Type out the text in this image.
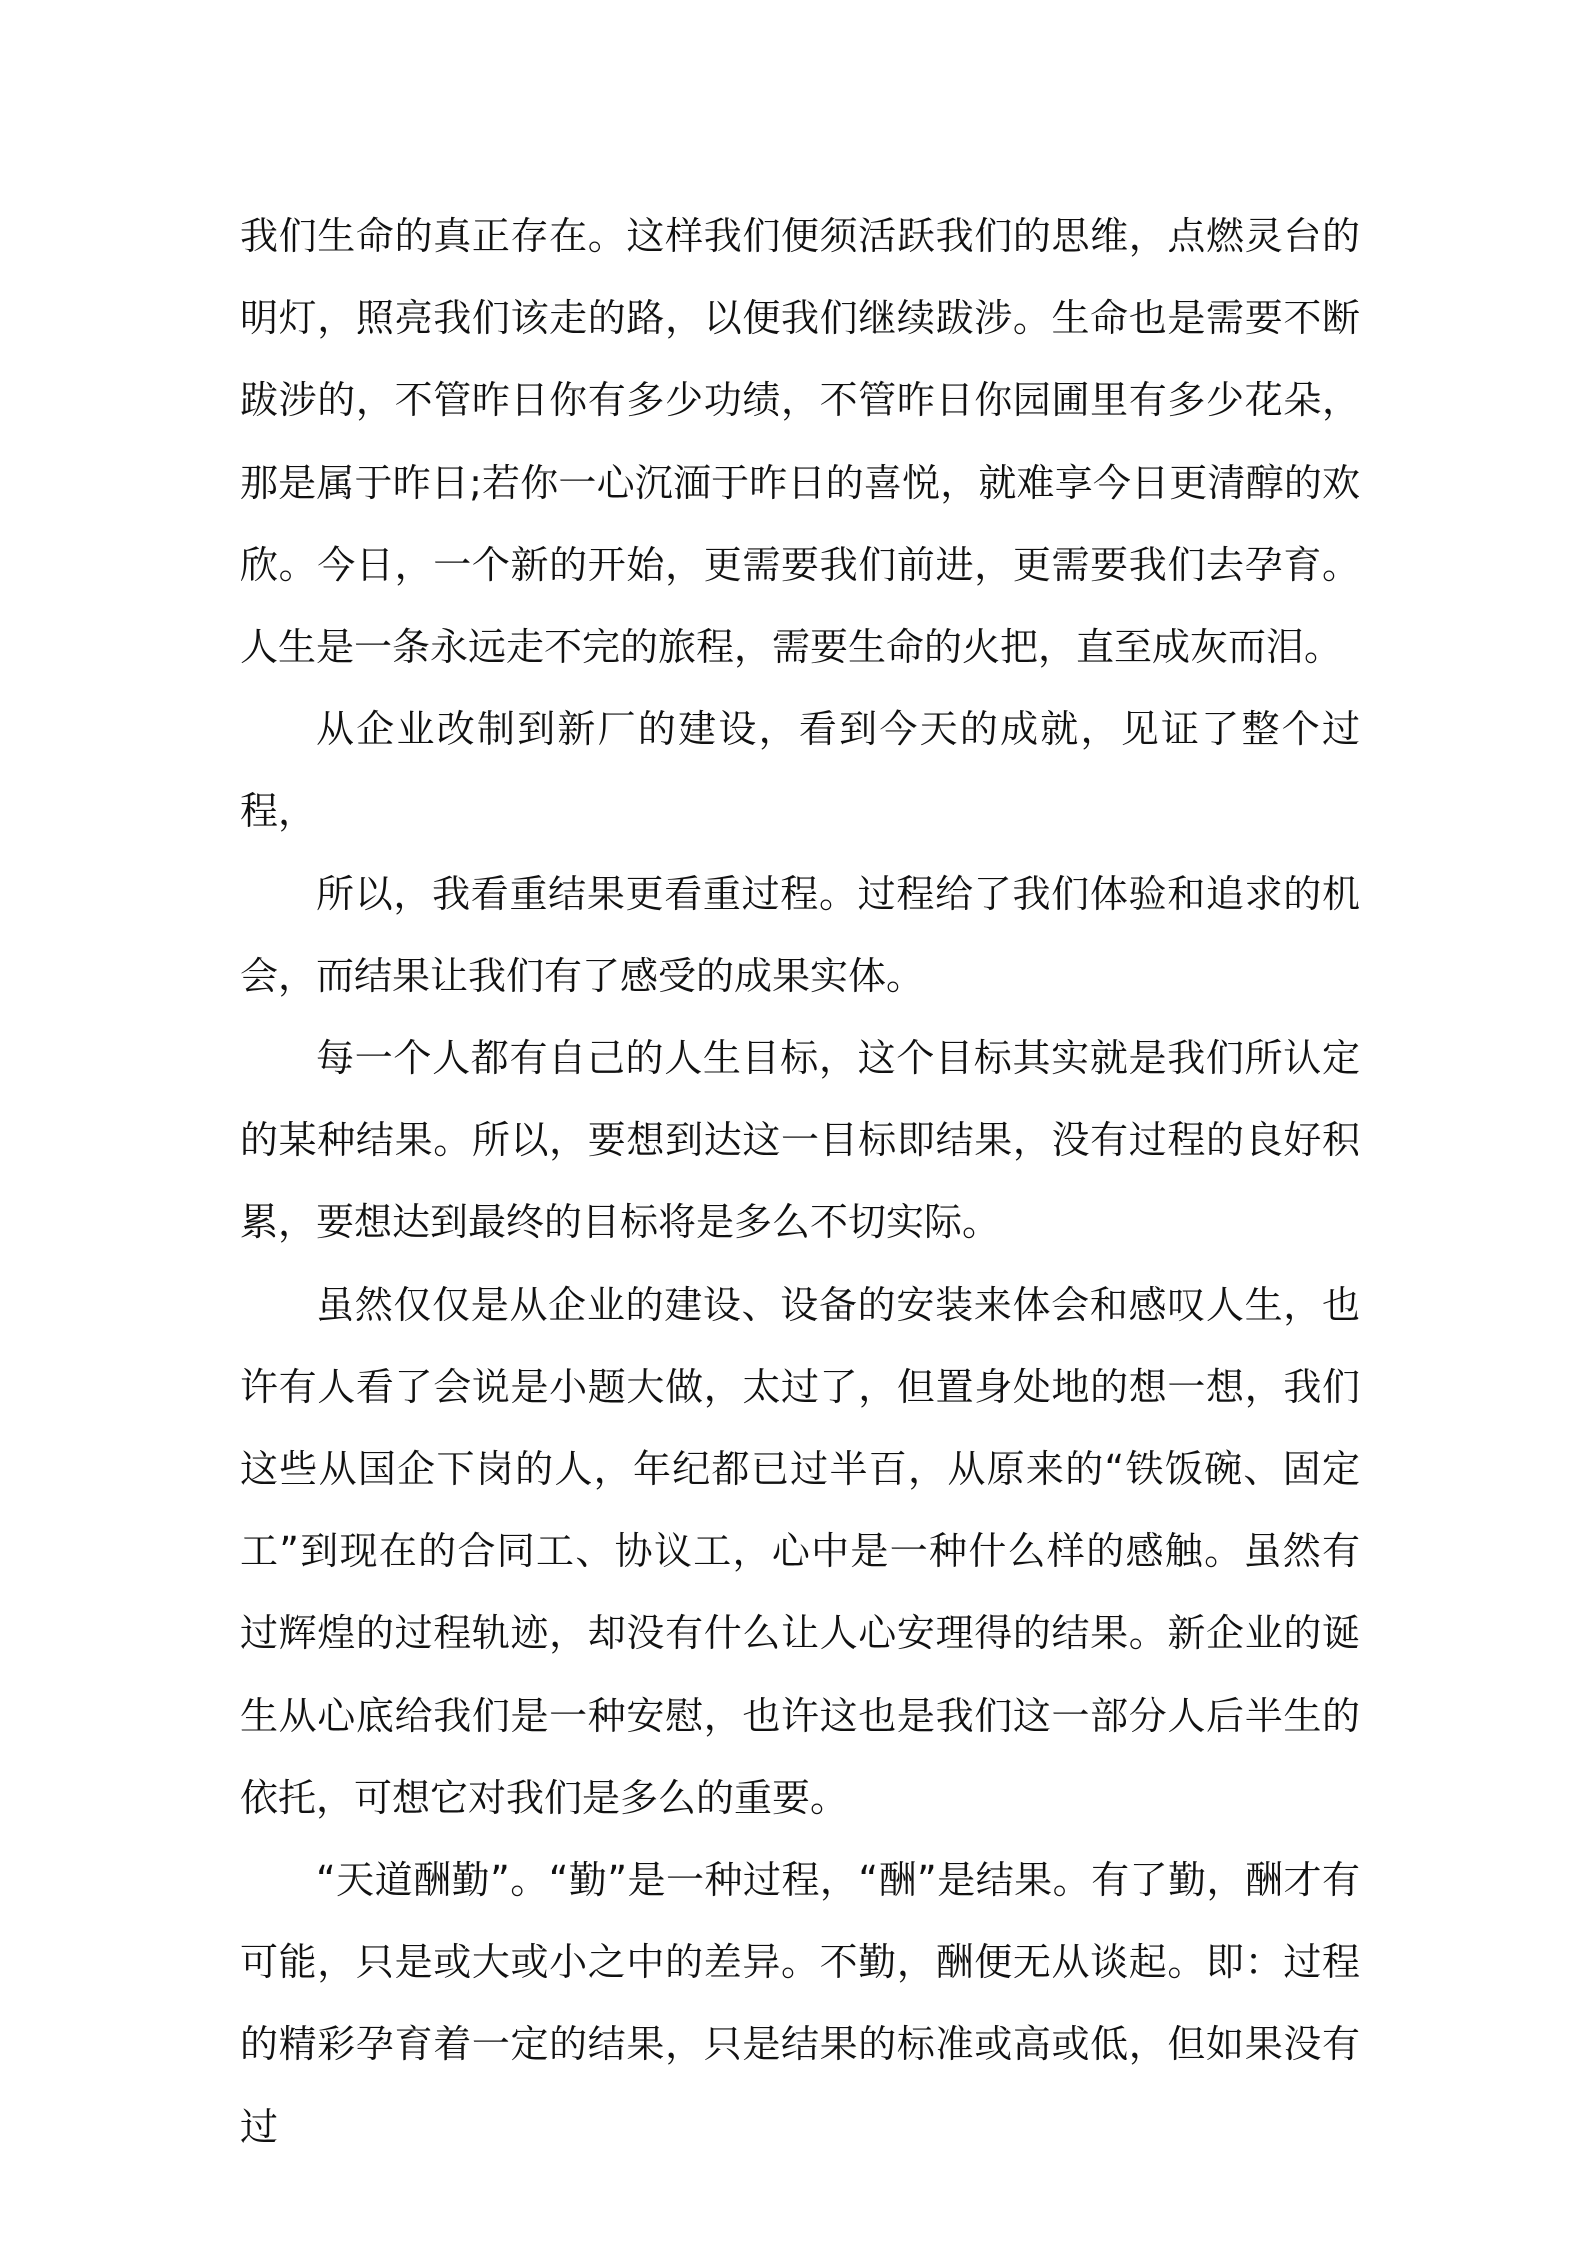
我们生命的真正存在。这样我们便须活跃我们的思维，点燃灵台的明灯，照亮我们该走的路，以便我们继续跋涉。生命也是需要不断跋涉的，不管昨日你有多少功绩，不管昨日你园圃里有多少花朵，那是属于昨日;若你一心沉湎于昨日的喜悦，就难享今日更清醇的欢欣。今日，一个新的开始，更需要我们前进，更需要我们去孕育。人生是一条永远走不完的旅程，需要生命的火把，直至成灰而泪。

从企业改制到新厂的建设，看到今天的成就，见证了整个过程，

所以，我看重结果更看重过程。过程给了我们体验和追求的机会，而结果让我们有了感受的成果实体。

每一个人都有自己的人生目标，这个目标其实就是我们所认定的某种结果。所以，要想到达这一目标即结果，没有过程的良好积累，要想达到最终的目标将是多么不切实际。

虽然仅仅是从企业的建设、设备的安装来体会和感叹人生，也许有人看了会说是小题大做，太过了，但置身处地的想一想，我们这些从国企下岗的人，年纪都已过半百，从原来的“铁饭碗、固定工”到现在的合同工、协议工，心中是一种什么样的感触。虽然有过辉煌的过程轨迹，却没有什么让人心安理得的结果。新企业的诞生从心底给我们是一种安慰，也许这也是我们这一部分人后半生的依托，可想它对我们是多么的重要。

“天道酬勤”。“勤”是一种过程，“酬”是结果。有了勤，酬才有可能，只是或大或小之中的差异。不勤，酬便无从谈起。即：过程的精彩孕育着一定的结果，只是结果的标准或高或低，但如果没有过
